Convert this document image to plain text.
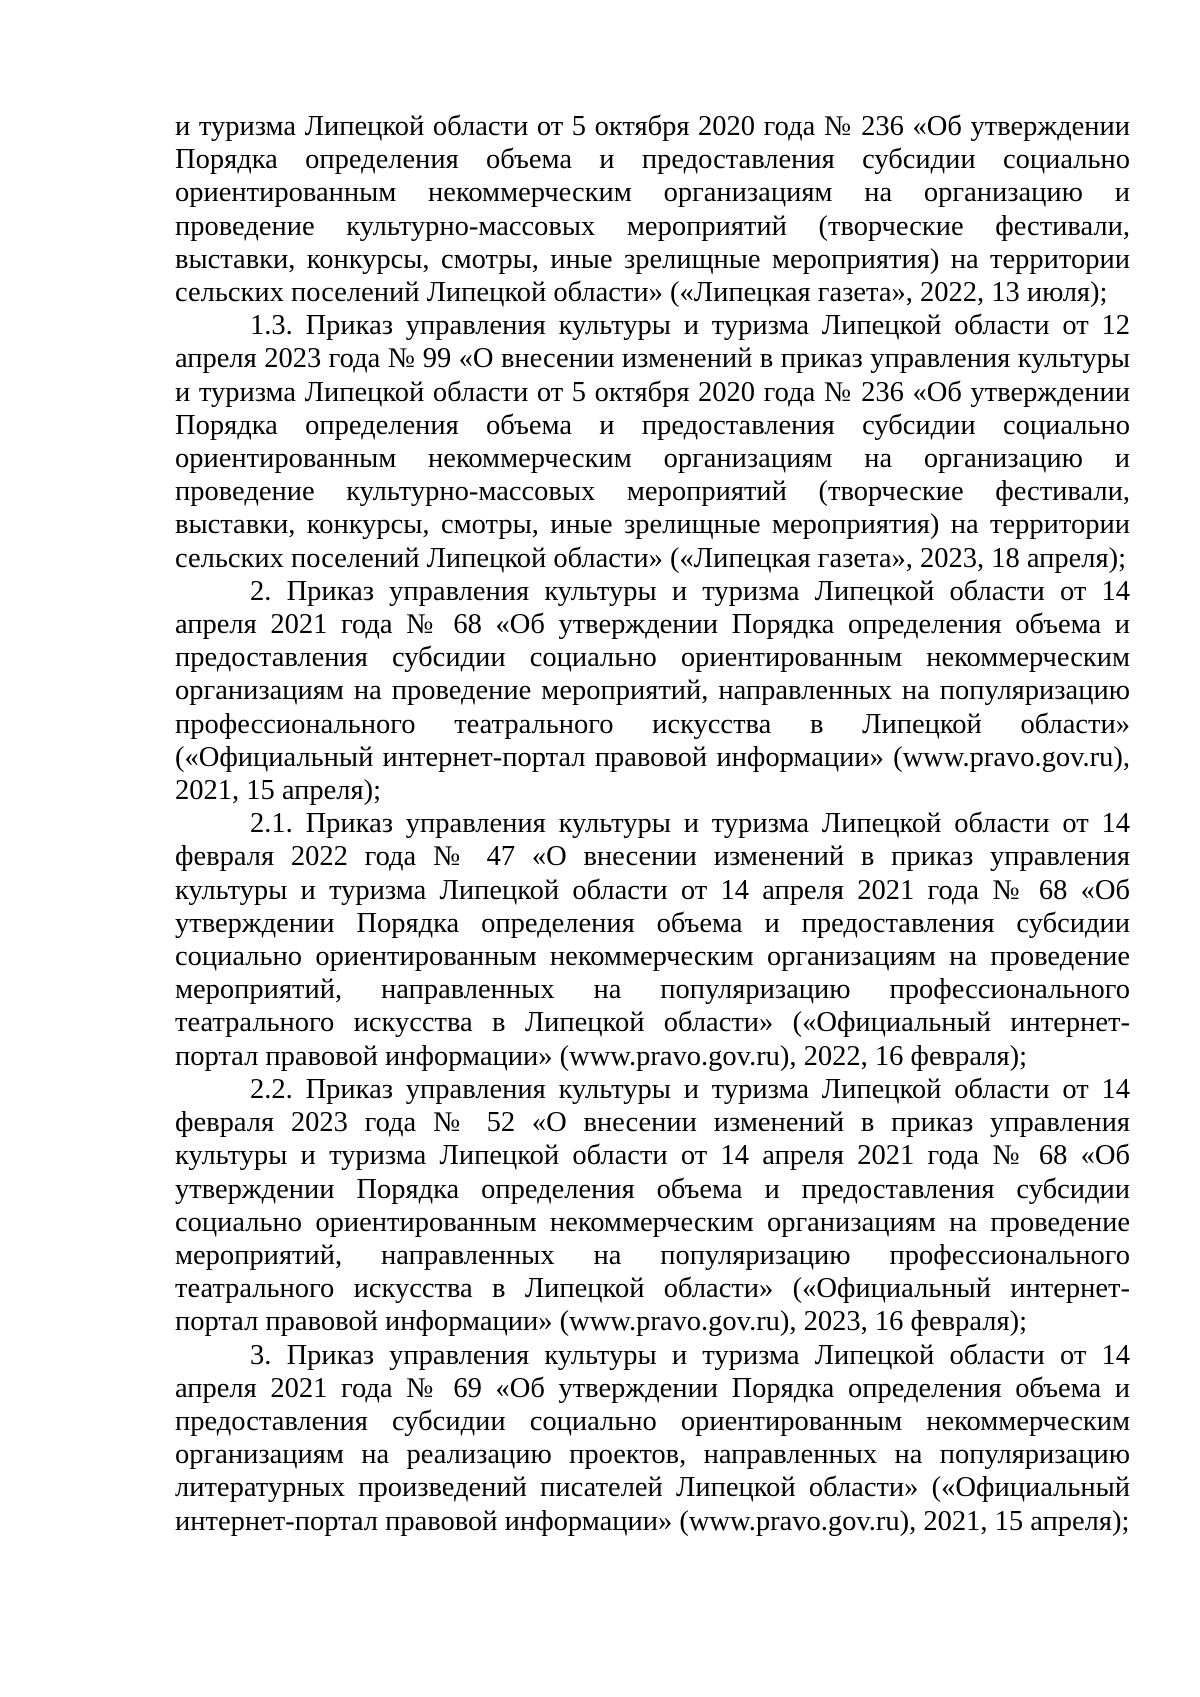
и туризма Липецкой области от 5 октября 2020 года № 236 «Об утверждении Порядка определения объема и предоставления субсидии социально ориентированным некоммерческим организациям на организацию и проведение культурно-массовых мероприятий (творческие фестивали, выставки, конкурсы, смотры, иные зрелищные мероприятия) на территории сельских поселений Липецкой области» («Липецкая газета», 2022, 13 июля);

1.3. Приказ управления культуры и туризма Липецкой области от 12 апреля 2023 года № 99 «О внесении изменений в приказ управления культуры и туризма Липецкой области от 5 октября 2020 года № 236 «Об утверждении Порядка определения объема и предоставления субсидии социально ориентированным некоммерческим организациям на организацию и проведение культурно-массовых мероприятий (творческие фестивали, выставки, конкурсы, смотры, иные зрелищные мероприятия) на территории сельских поселений Липецкой области» («Липецкая газета», 2023, 18 апреля);

2. Приказ управления культуры и туризма Липецкой области от 14 апреля 2021 года № 68 «Об утверждении Порядка определения объема и предоставления субсидии социально ориентированным некоммерческим организациям на проведение мероприятий, направленных на популяризацию профессионального театрального искусства в Липецкой области» («Официальный интернет-портал правовой информации» (www.pravo.gov.ru), 2021, 15 апреля);

2.1. Приказ управления культуры и туризма Липецкой области от 14 февраля 2022 года № 47 «О внесении изменений в приказ управления культуры и туризма Липецкой области от 14 апреля 2021 года № 68 «Об утверждении Порядка определения объема и предоставления субсидии социально ориентированным некоммерческим организациям на проведение мероприятий, направленных на популяризацию профессионального театрального искусства в Липецкой области» («Официальный интернет-портал правовой информации» (www.pravo.gov.ru), 2022, 16 февраля);

2.2. Приказ управления культуры и туризма Липецкой области от 14 февраля 2023 года № 52 «О внесении изменений в приказ управления культуры и туризма Липецкой области от 14 апреля 2021 года № 68 «Об утверждении Порядка определения объема и предоставления субсидии социально ориентированным некоммерческим организациям на проведение мероприятий, направленных на популяризацию профессионального театрального искусства в Липецкой области» («Официальный интернет-портал правовой информации» (www.pravo.gov.ru), 2023, 16 февраля);

3. Приказ управления культуры и туризма Липецкой области от 14 апреля 2021 года № 69 «Об утверждении Порядка определения объема и предоставления субсидии социально ориентированным некоммерческим организациям на реализацию проектов, направленных на популяризацию литературных произведений писателей Липецкой области» («Официальный интернет-портал правовой информации» (www.pravo.gov.ru), 2021, 15 апреля);
